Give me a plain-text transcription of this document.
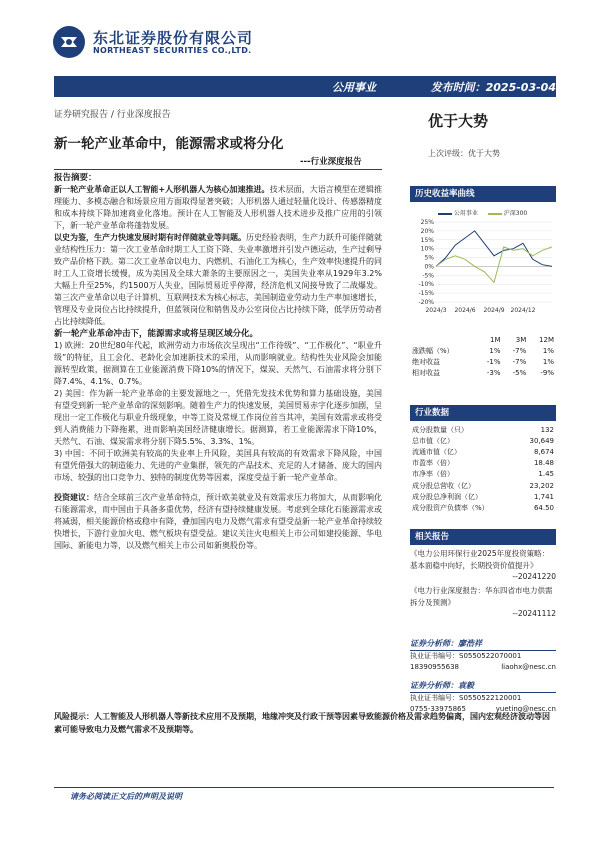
东北证券股份有限公司
NORTHEAST SECURITIES CO.,LTD.
公用事业	发布时间：2025-03-04
证券研究报告 / 行业深度报告	优于大势
新一轮产业革命中，能源需求或将分化
上次评级：优于大势
---行业深度报告

报告摘要：

新一轮产业革命正以人工智能+人形机器人为核心加速推进。技术层面，大语言模型在逻辑推理能力、多模态融合和场景应用方面取得显著突破；人形机器人通过轻量化设计、传感器精度和成本持续下降加速商业化落地。预计在人工智能及人形机器人技术进步及推广应用的引领下，新一轮产业革命将蓬勃发展。

以史为鉴，生产力快速发展时期有时伴随就业等问题。历史经验表明，生产力跃升可能伴随就业结构性压力：第一次工业革命时期工人工资下降、失业率激增并引发卢德运动，生产过剩导致产品价格下跌。第二次工业革命以电力、内燃机、石油化工为核心，生产效率快速提升的同时工人工资增长缓慢，成为美国及全球大萧条的主要原因之一，美国失业率从1929年3.2%大幅上升至25%，约1500万人失业，国际贸易近乎停滞，经济危机又间接导致了二战爆发。第三次产业革命以电子计算机、互联网技术为核心标志，美国制造业劳动力生产率加速增长，管理及专业岗位占比持续提升，但蓝领岗位和销售及办公室岗位占比持续下降，低学历劳动者占比持续降低。

新一轮产业革命冲击下，能源需求或将呈现区域分化。

1) 欧洲：20世纪80年代起，欧洲劳动力市场依次呈现出“工作待级”、“工作极化”、“职业升级”的特征，且工会化、老龄化会加速新技术的采用，从而影响就业。结构性失业风险会加能源转型政策，据测算在工业能源消费下降10%的情况下，煤炭、天然气、石油需求将分别下降7.4%、4.1%、0.7%。

2) 美国：作为新一轮产业革命的主要发源地之一，凭借先发技术优势和算力基础设施，美国有望受到新一轮产业革命的深刻影响。随着生产力的快速发展，美国贸易赤字化逐步加剧，呈现出一定工作极化与职业升级现象，中等工资及常规工作岗位首当其冲，美国有效需求或将受到人消费能力下降拖累，进而影响美国经济健康增长。据测算，若工业能源需求下降10%，天然气、石油、煤炭需求将分别下降5.5%、3.3%、1%。

3) 中国：不同于欧洲美有较高的失业率上升风险，美国具有较高的有效需求下降风险，中国有望凭借强大的制造能力、先进的产业集群，领先的产品技术、充足的人才储备、庞大的国内市场、较强的出口竞争力、独特的制度优势等因素，深度受益于新一轮产业革命。

投资建议：结合全球前三次产业革命特点，预计欧美就业及有效需求压力将加大，从而影响化石能源需求，而中国由于具备多重优势，经济有望持续健康发展。考虑到全球化石能源需求或将减弱，相关能源价格或稳中有降，叠加国内电力及燃气需求有望受益新一轮产业革命持续较快增长，下游行业加火电、燃气板块有望受益。建议关注火电相关上市公司如建投能源、华电国际、新能电力等，以及燃气相关上市公司如新奥股份等。

历史收益率曲线
公用事业	沪深300
25%
20%
15%
10%
5%
0%
-5%
-10%
-15%
-20%
2024/3 2024/6 2024/9 2024/12
	1M	3M	12M
涨跌幅（%）	1%	-7%	1%
绝对收益	-1%	-7%	1%
相对收益	-3%	-5%	-9%
行业数据
成分股数量（只）	132
总市值（亿）	30,649
流通市值（亿）	8,674
市盈率（倍）	18.48
市净率（倍）	1.45
成分股总营收（亿）	23,202
成分股总净利润（亿）	1,741
成分股资产负债率（%）	64.50
相关报告
《电力公用环保行业2025年度投资策略：基本面稳中向好，长期投资价值提升》
--20241220
《电力行业深度报告：华东四省市电力供需拆分及预测》
--20241112
证券分析师：廖浩祥
执业证书编号：S0550522070001
18390955638	liaohx@nesc.cn
证券分析师：袁毅
执业证书编号：S0550522120001
0755-33975865	yueting@nesc.cn
风险提示：人工智能及人形机器人等新技术应用不及预期，地缘冲突及行政干预等因素导致能源价格及需求趋势偏离，国内宏观经济波动等因素可能导致电力及燃气需求不及预期等。
请务必阅读正文后的声明及说明
